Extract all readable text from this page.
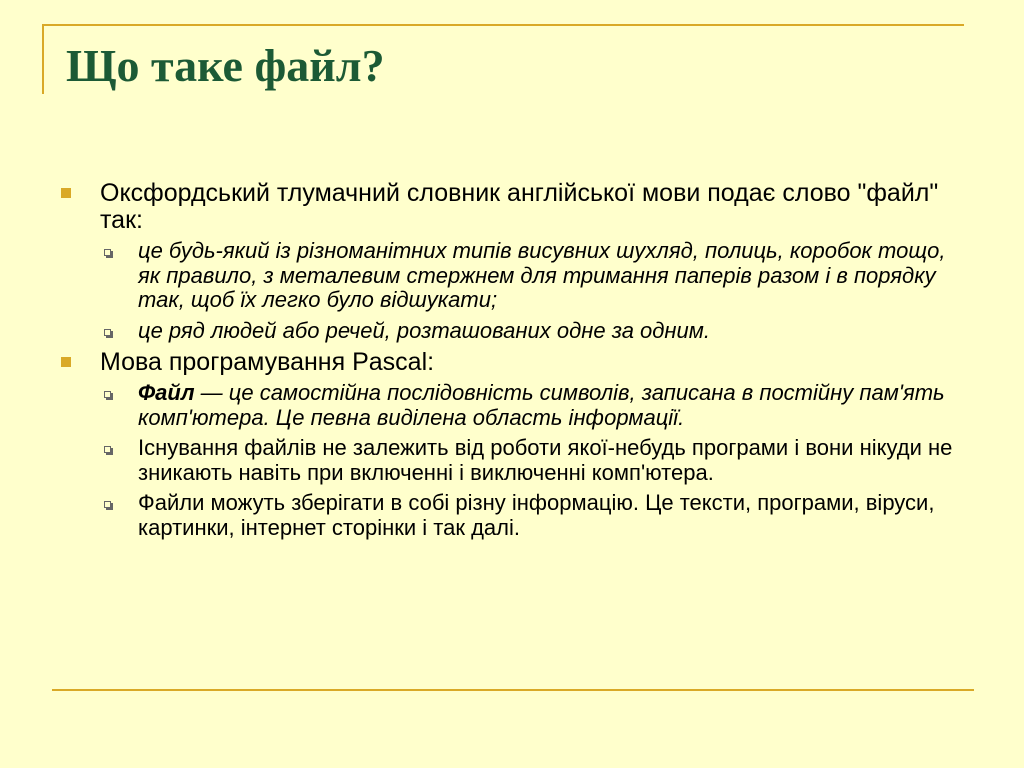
Що таке файл?
Оксфордський тлумачний словник англійської мови подає слово "файл" так:
це будь-який із різноманітних типів висувних шухляд, полиць, коробок тощо, як правило, з металевим стержнем для тримання паперів разом і в порядку так, щоб їх легко було відшукати;
це ряд людей або речей, розташованих одне за одним.
Мова програмування Pascal:
Файл — це самостійна послідовність символів, записана в постійну пам'ять комп'ютера. Це певна виділена область інформації.
Існування файлів не залежить від роботи якої-небудь програми і вони нікуди не зникають навіть при включенні і виключенні комп'ютера.
Файли можуть зберігати в собі різну інформацію. Це тексти, програми, віруси, картинки, інтернет сторінки і так далі.
